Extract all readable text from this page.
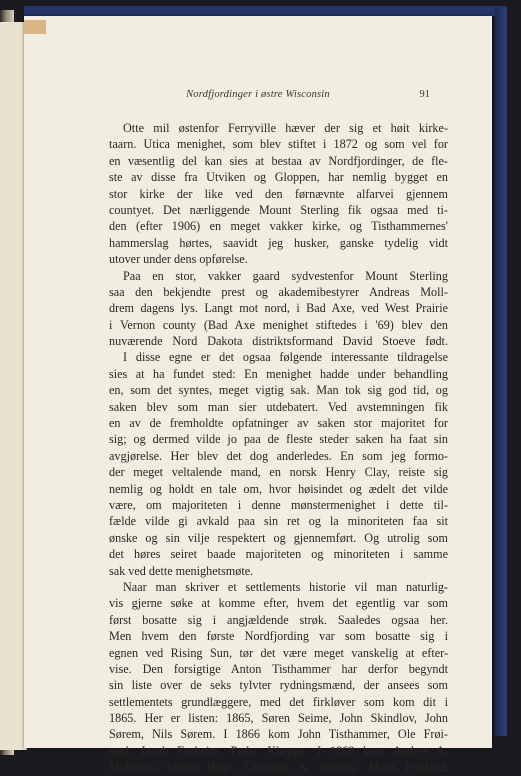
Nordfjordinger i østre Wisconsin	91
Otte mil østenfor Ferryville hæver der sig et høit kirke-
taarn. Utica menighet, som blev stiftet i 1872 og som vel for
en væsentlig del kan sies at bestaa av Nordfjordinger, de fle-
ste av disse fra Utviken og Gloppen, har nemlig bygget en
stor kirke der like ved den førnævnte alfarvei gjennem
countyet. Det nærliggende Mount Sterling fik ogsaa med ti-
den (efter 1906) en meget vakker kirke, og Tisthammernes'
hammerslag hørtes, saavidt jeg husker, ganske tydelig vidt
utover under dens opførelse.
Paa en stor, vakker gaard sydvestenfor Mount Sterling
saa den bekjendte prest og akademibestyrer Andreas Moll-
drem dagens lys. Langt mot nord, i Bad Axe, ved West Prairie
i Vernon county (Bad Axe menighet stiftedes i '69) blev den
nuværende Nord Dakota distriktsformand David Stoeve født.
I disse egne er det ogsaa følgende interessante tildragelse
sies at ha fundet sted: En menighet hadde under behandling
en, som det syntes, meget vigtig sak. Man tok sig god tid, og
saken blev som man sier utdebatert. Ved avstemningen fik
en av de fremholdte opfatninger av saken stor majoritet for
sig; og dermed vilde jo paa de fleste steder saken ha faat sin
avgjørelse. Her blev det dog anderledes. En som jeg formo-
der meget veltalende mand, en norsk Henry Clay, reiste sig
nemlig og holdt en tale om, hvor høisindet og ædelt det vilde
være, om majoriteten i denne mønstermenighet i dette til-
fælde vilde gi avkald paa sin ret og la minoriteten faa sit
ønske og sin vilje respektert og gjennemført. Og utrolig som
det høres seiret baade majoriteten og minoriteten i samme
sak ved dette menighetsmøte.
Naar man skriver et settlements historie vil man naturlig-
vis gjerne søke at komme efter, hvem det egentlig var som
først bosatte sig i angjældende strøk. Saaledes ogsaa her.
Men hvem den første Nordfjording var som bosatte sig i
egnen ved Rising Sun, tør det være meget vanskelig at efter-
vise. Den forsigtige Anton Tisthammer har derfor begyndt
sin liste over de seks tylvter rydningsmænd, der ansees som
settlementets grundlæggere, med det firkløver som kom dit i
1865. Her er listen: 1865, Søren Seime, John Skindlov, John
Sørem, Nils Sørem. I 1866 kom John Tisthammer, Ole Frøi-
stad, Jacob Fosheim, Peder Klæppe. I 1868 kom Anders A.
Moldrem, Velum Hage, Christian A. Solberg, Mons Frøistad,
